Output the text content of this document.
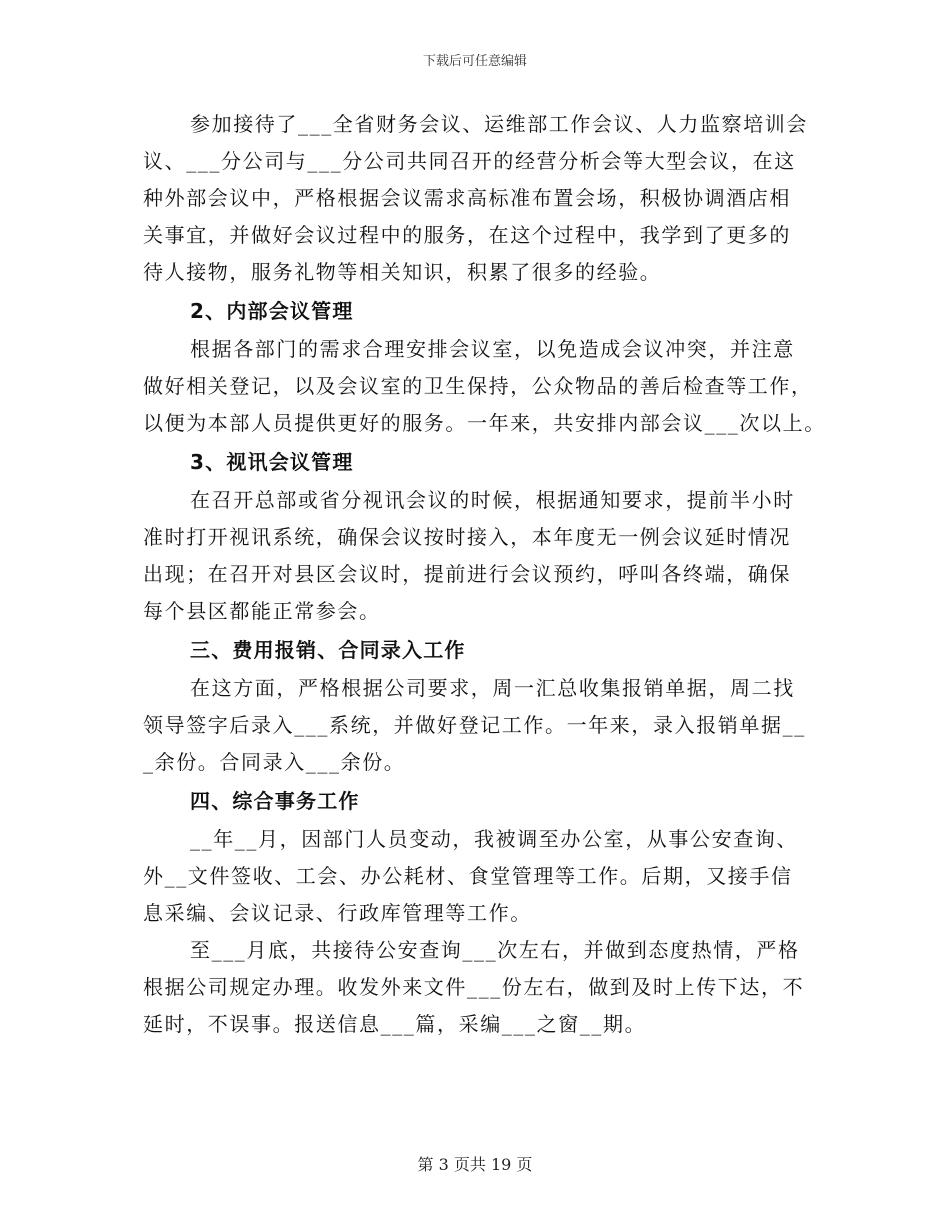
下载后可任意编辑
参加接待了___全省财务会议、运维部工作会议、人力监察培训会
议、___分公司与___分公司共同召开的经营分析会等大型会议，在这
种外部会议中，严格根据会议需求高标准布置会场，积极协调酒店相
关事宜，并做好会议过程中的服务，在这个过程中，我学到了更多的
待人接物，服务礼物等相关知识，积累了很多的经验。
2、内部会议管理
根据各部门的需求合理安排会议室，以免造成会议冲突，并注意
做好相关登记，以及会议室的卫生保持，公众物品的善后检查等工作，
以便为本部人员提供更好的服务。一年来，共安排内部会议___次以上。
3、视讯会议管理
在召开总部或省分视讯会议的时候，根据通知要求，提前半小时
准时打开视讯系统，确保会议按时接入，本年度无一例会议延时情况
出现；在召开对县区会议时，提前进行会议预约，呼叫各终端，确保
每个县区都能正常参会。
三、费用报销、合同录入工作
在这方面，严格根据公司要求，周一汇总收集报销单据，周二找
领导签字后录入___系统，并做好登记工作。一年来，录入报销单据__
_余份。合同录入___余份。
四、综合事务工作
__年__月，因部门人员变动，我被调至办公室，从事公安查询、
外__文件签收、工会、办公耗材、食堂管理等工作。后期，又接手信
息采编、会议记录、行政库管理等工作。
至___月底，共接待公安查询___次左右，并做到态度热情，严格
根据公司规定办理。收发外来文件___份左右，做到及时上传下达，不
延时，不误事。报送信息___篇，采编___之窗__期。
第 3 页共 19 页
